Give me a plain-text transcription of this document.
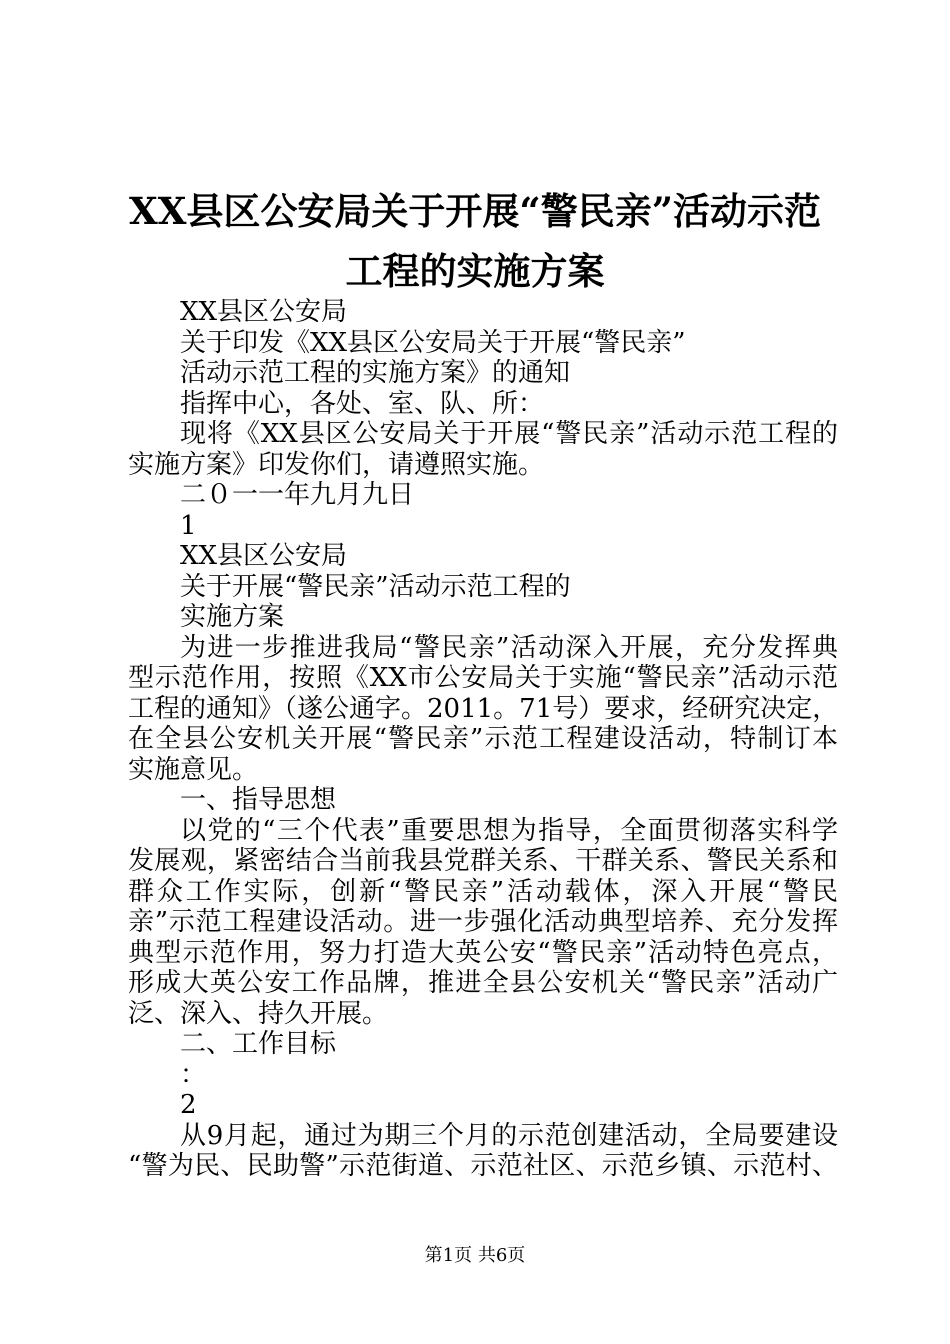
XX县区公安局关于开展“警民亲”活动示范
工程的实施方案
XX县区公安局
关于印发《XX县区公安局关于开展“警民亲”
活动示范工程的实施方案》的通知
指挥中心，各处、室、队、所：
现将《XX县区公安局关于开展“警民亲”活动示范工程的
实施方案》印发你们，请遵照实施。
二０一一年九月九日
1
XX县区公安局
关于开展“警民亲”活动示范工程的
实施方案
为进一步推进我局“警民亲”活动深入开展，充分发挥典
型示范作用，按照《XX市公安局关于实施“警民亲”活动示范
工程的通知》（遂公通字。2011。71号）要求，经研究决定，
在全县公安机关开展“警民亲”示范工程建设活动，特制订本
实施意见。
一、指导思想
以党的“三个代表”重要思想为指导，全面贯彻落实科学
发展观，紧密结合当前我县党群关系、干群关系、警民关系和
群众工作实际，创新“警民亲”活动载体，深入开展“警民
亲”示范工程建设活动。进一步强化活动典型培养、充分发挥
典型示范作用，努力打造大英公安“警民亲”活动特色亮点，
形成大英公安工作品牌，推进全县公安机关“警民亲”活动广
泛、深入、持久开展。
二、工作目标
：
2
从9月起，通过为期三个月的示范创建活动，全局要建设
“警为民、民助警”示范街道、示范社区、示范乡镇、示范村、
第1页 共6页
